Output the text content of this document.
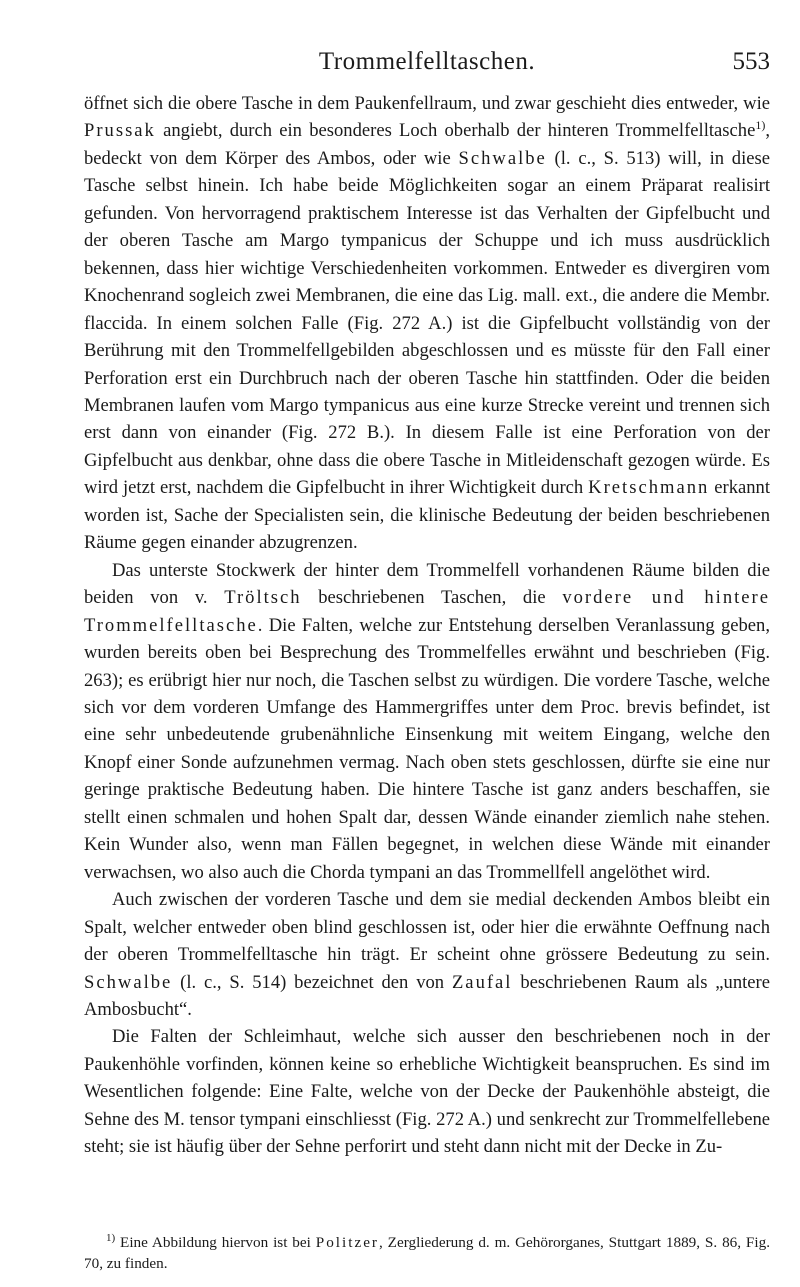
Trommelfelltaschen.	553

öffnet sich die obere Tasche in dem Paukenfellraum, und zwar geschieht dies entweder, wie Prussak angiebt, durch ein besonderes Loch oberhalb der hinteren Trommelfelltasche$^{1)}$, bedeckt von dem Körper des Ambos, oder wie Schwalbe (l. c., S. 513) will, in diese Tasche selbst hinein. Ich habe beide Möglichkeiten sogar an einem Präparat realisirt gefunden. Von hervorragend praktischem Interesse ist das Verhalten der Gipfelbucht und der oberen Tasche am Margo tympanicus der Schuppe und ich muss ausdrücklich bekennen, dass hier wichtige Verschiedenheiten vorkommen. Entweder es divergiren vom Knochenrand sogleich zwei Membranen, die eine das Lig. mall. ext., die andere die Membr. flaccida. In einem solchen Falle (Fig. 272 A.) ist die Gipfelbucht vollständig von der Berührung mit den Trommelfellgebilden abgeschlossen und es müsste für den Fall einer Perforation erst ein Durchbruch nach der oberen Tasche hin stattfinden. Oder die beiden Membranen laufen vom Margo tympanicus aus eine kurze Strecke vereint und trennen sich erst dann von einander (Fig. 272 B.). In diesem Falle ist eine Perforation von der Gipfelbucht aus denkbar, ohne dass die obere Tasche in Mitleidenschaft gezogen würde. Es wird jetzt erst, nachdem die Gipfelbucht in ihrer Wichtigkeit durch Kretschmann erkannt worden ist, Sache der Specialisten sein, die klinische Bedeutung der beiden beschriebenen Räume gegen einander abzugrenzen.

Das unterste Stockwerk der hinter dem Trommelfell vorhandenen Räume bilden die beiden von v. Tröltsch beschriebenen Taschen, die vordere und hintere Trommelfelltasche. Die Falten, welche zur Entstehung derselben Veranlassung geben, wurden bereits oben bei Besprechung des Trommelfelles erwähnt und beschrieben (Fig. 263); es erübrigt hier nur noch, die Taschen selbst zu würdigen. Die vordere Tasche, welche sich vor dem vorderen Umfange des Hammergriffes unter dem Proc. brevis befindet, ist eine sehr unbedeutende grubenähnliche Einsenkung mit weitem Eingang, welche den Knopf einer Sonde aufzunehmen vermag. Nach oben stets geschlossen, dürfte sie eine nur geringe praktische Bedeutung haben. Die hintere Tasche ist ganz anders beschaffen, sie stellt einen schmalen und hohen Spalt dar, dessen Wände einander ziemlich nahe stehen. Kein Wunder also, wenn man Fällen begegnet, in welchen diese Wände mit einander verwachsen, wo also auch die Chorda tympani an das Trommellfell angelöthet wird.

Auch zwischen der vorderen Tasche und dem sie medial deckenden Ambos bleibt ein Spalt, welcher entweder oben blind geschlossen ist, oder hier die erwähnte Oeffnung nach der oberen Trommelfelltasche hin trägt. Er scheint ohne grössere Bedeutung zu sein. Schwalbe (l. c., S. 514) bezeichnet den von Zaufal beschriebenen Raum als „untere Ambosbucht“.

Die Falten der Schleimhaut, welche sich ausser den beschriebenen noch in der Paukenhöhle vorfinden, können keine so erhebliche Wichtigkeit beanspruchen. Es sind im Wesentlichen folgende: Eine Falte, welche von der Decke der Paukenhöhle absteigt, die Sehne des M. tensor tympani einschliesst (Fig. 272 A.) und senkrecht zur Trommelfellebene steht; sie ist häufig über der Sehne perforirt und steht dann nicht mit der Decke in Zu-

$^{1)}$ Eine Abbildung hiervon ist bei Politzer, Zergliederung d. m. Gehörorganes, Stuttgart 1889, S. 86, Fig. 70, zu finden.
